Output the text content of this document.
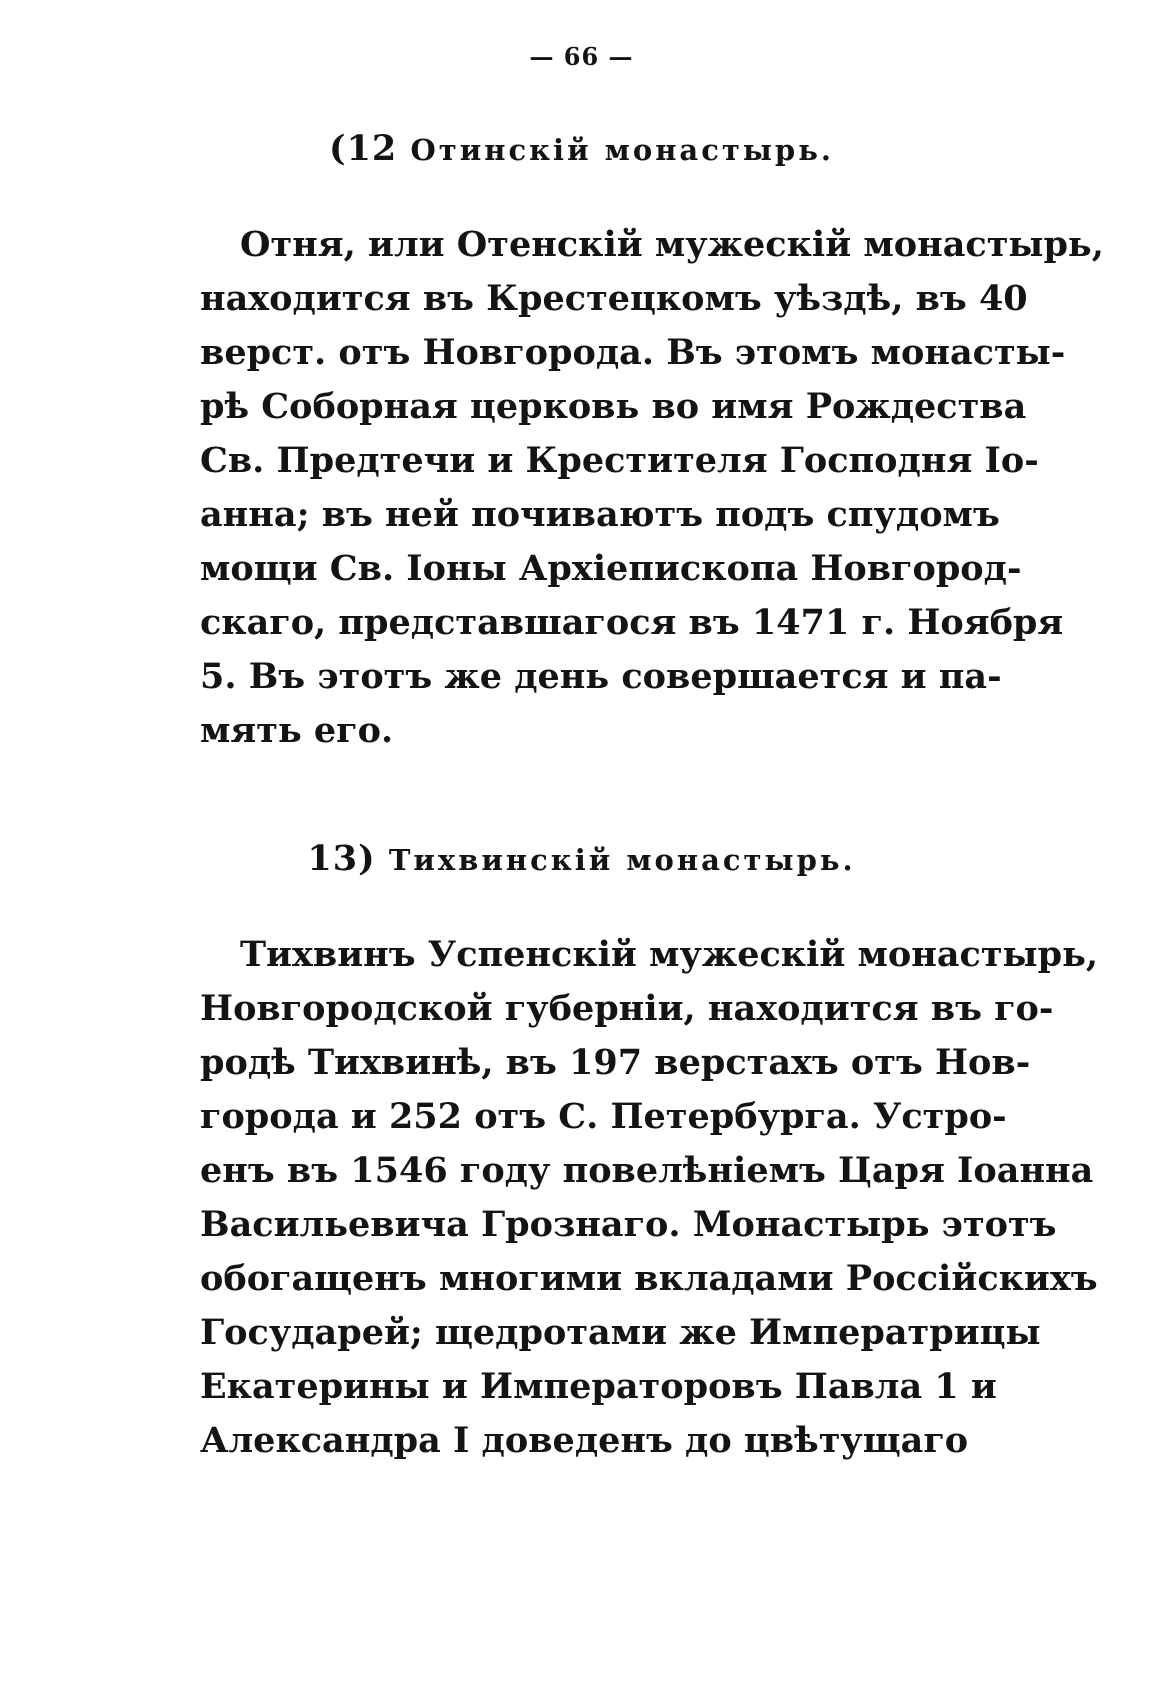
— 66 —
(12 Отинскій монастырь.
Отня, или Отенскій мужескій монастырь,
находится въ Крестецкомъ уѣздѣ, въ 40
верст. отъ Новгорода. Въ этомъ монасты-
рѣ Соборная церковь во имя Рождества
Св. Предтечи и Крестителя Господня Іо-
анна; въ ней почиваютъ подъ спудомъ
мощи Св. Іоны Архіепископа Новгород-
скаго, представшагося въ 1471 г. Ноября
5. Въ этотъ же день совершается и па-
мять его.
13) Тихвинскій монастырь.
Тихвинъ Успенскій мужескій монастырь,
Новгородской губерніи, находится въ го-
родѣ Тихвинѣ, въ 197 верстахъ отъ Нов-
города и 252 отъ С. Петербурга. Устро-
енъ въ 1546 году повелѣніемъ Царя Іоанна
Васильевича Грознаго. Монастырь этотъ
обогащенъ многими вкладами Россійскихъ
Государей; щедротами же Императрицы
Екатерины и Императоровъ Павла 1 и
Александра І доведенъ до цвѣтущаго
